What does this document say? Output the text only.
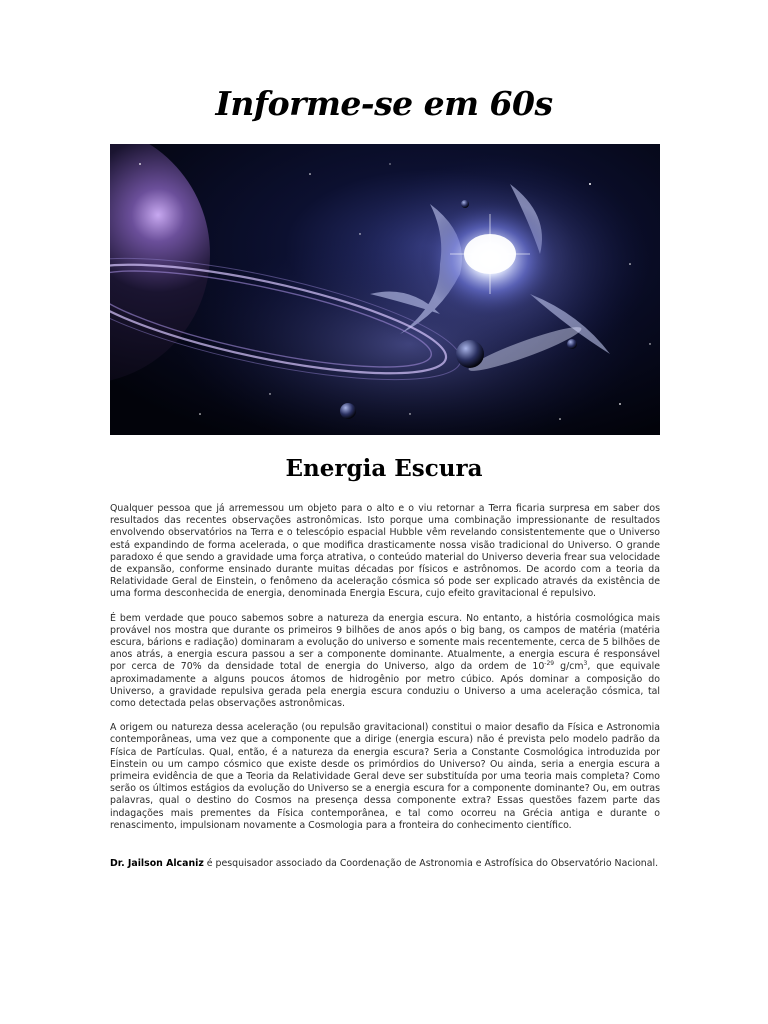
Informe-se em 60s
Energia Escura

Qualquer pessoa que já arremessou um objeto para o alto e o viu retornar a Terra ficaria surpresa em saber dos resultados das recentes observações astronômicas. Isto porque uma combinação impressionante de resultados envolvendo observatórios na Terra e o telescópio espacial Hubble vêm revelando consistentemente que o Universo está expandindo de forma acelerada, o que modifica drasticamente nossa visão tradicional do Universo. O grande paradoxo é que sendo a gravidade uma força atrativa, o conteúdo material do Universo deveria frear sua velocidade de expansão, conforme ensinado durante muitas décadas por físicos e astrônomos. De acordo com a teoria da Relatividade Geral de Einstein, o fenômeno da aceleração cósmica só pode ser explicado através da existência de uma forma desconhecida de energia, denominada Energia Escura, cujo efeito gravitacional é repulsivo.

É bem verdade que pouco sabemos sobre a natureza da energia escura. No entanto, a história cosmológica mais provável nos mostra que durante os primeiros 9 bilhões de anos após o big bang, os campos de matéria (matéria escura, bárions e radiação) dominaram a evolução do universo e somente mais recentemente, cerca de 5 bilhões de anos atrás, a energia escura passou a ser a componente dominante. Atualmente, a energia escura é responsável por cerca de 70% da densidade total de energia do Universo, algo da ordem de $10^{-29}$ $g/cm^3$, que equivale aproximadamente a alguns poucos átomos de hidrogênio por metro cúbico. Após dominar a composição do Universo, a gravidade repulsiva gerada pela energia escura conduziu o Universo a uma aceleração cósmica, tal como detectada pelas observações astronômicas.

A origem ou natureza dessa aceleração (ou repulsão gravitacional) constitui o maior desafio da Física e Astronomia contemporâneas, uma vez que a componente que a dirige (energia escura) não é prevista pelo modelo padrão da Física de Partículas. Qual, então, é a natureza da energia escura? Seria a Constante Cosmológica introduzida por Einstein ou um campo cósmico que existe desde os primórdios do Universo? Ou ainda, seria a energia escura a primeira evidência de que a Teoria da Relatividade Geral deve ser substituída por uma teoria mais completa? Como serão os últimos estágios da evolução do Universo se a energia escura for a componente dominante? Ou, em outras palavras, qual o destino do Cosmos na presença dessa componente extra? Essas questões fazem parte das indagações mais prementes da Física contemporânea, e tal como ocorreu na Grécia antiga e durante o renascimento, impulsionam novamente a Cosmologia para a fronteira do conhecimento científico.

Dr. Jailson Alcaniz é pesquisador associado da Coordenação de Astronomia e Astrofísica do Observatório Nacional.
